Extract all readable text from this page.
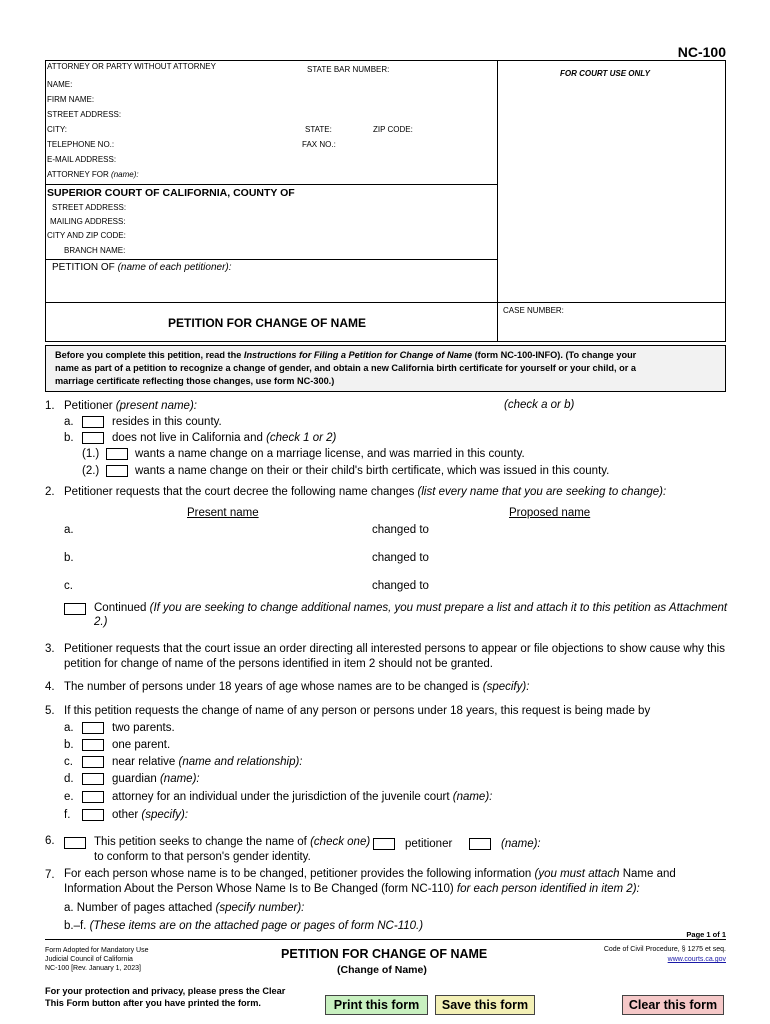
NC-100
ATTORNEY OR PARTY WITHOUT ATTORNEY	STATE BAR NUMBER:	FOR COURT USE ONLY
NAME:
FIRM NAME:
STREET ADDRESS:
CITY:	STATE:	ZIP CODE:
TELEPHONE NO.:	FAX NO.:
E-MAIL ADDRESS:
ATTORNEY FOR (name):
SUPERIOR COURT OF CALIFORNIA, COUNTY OF
STREET ADDRESS:
MAILING ADDRESS:
CITY AND ZIP CODE:
BRANCH NAME:
PETITION OF (name of each petitioner):
CASE NUMBER:
PETITION FOR CHANGE OF NAME
Before you complete this petition, read the Instructions for Filing a Petition for Change of Name (form NC-100-INFO). (To change your
name as part of a petition to recognize a change of gender, and obtain a new California birth certificate for yourself or your child, or a
marriage certificate reflecting those changes, use form NC-300.)
1. Petitioner (present name):	(check a or b)
a.	resides in this county.
b.	does not live in California and (check 1 or 2)
(1.)	wants a name change on a marriage license, and was married in this county.
(2.)	wants a name change on their or their child's birth certificate, which was issued in this county.
2. Petitioner requests that the court decree the following name changes (list every name that you are seeking to change):
Present name	Proposed name
a.	changed to
b.	changed to
c.	changed to
Continued (If you are seeking to change additional names, you must prepare a list and attach it to this petition as Attachment
2.)
3. Petitioner requests that the court issue an order directing all interested persons to appear or file objections to show cause why this
petition for change of name of the persons identified in item 2 should not be granted.
4. The number of persons under 18 years of age whose names are to be changed is (specify):
5. If this petition requests the change of name of any person or persons under 18 years, this request is being made by
a.	two parents.
b.	one parent.
c.	near relative (name and relationship):
d.	guardian (name):
e.	attorney for an individual under the jurisdiction of the juvenile court (name):
f.	other (specify):
6.	This petition seeks to change the name of (check one)	petitioner	(name):
to conform to that person's gender identity.
7. For each person whose name is to be changed, petitioner provides the following information (you must attach Name and
Information About the Person Whose Name Is to Be Changed (form NC-110) for each person identified in item 2):
a. Number of pages attached (specify number):
b.–f. (These items are on the attached page or pages of form NC-110.)
Page 1 of 1
Form Adopted for Mandatory Use
Judicial Council of California
NC-100 [Rev. January 1, 2023]
PETITION FOR CHANGE OF NAME
(Change of Name)
Code of Civil Procedure, § 1275 et seq.
www.courts.ca.gov
For your protection and privacy, please press the Clear
This Form button after you have printed the form.	Print this form	Save this form	Clear this form
